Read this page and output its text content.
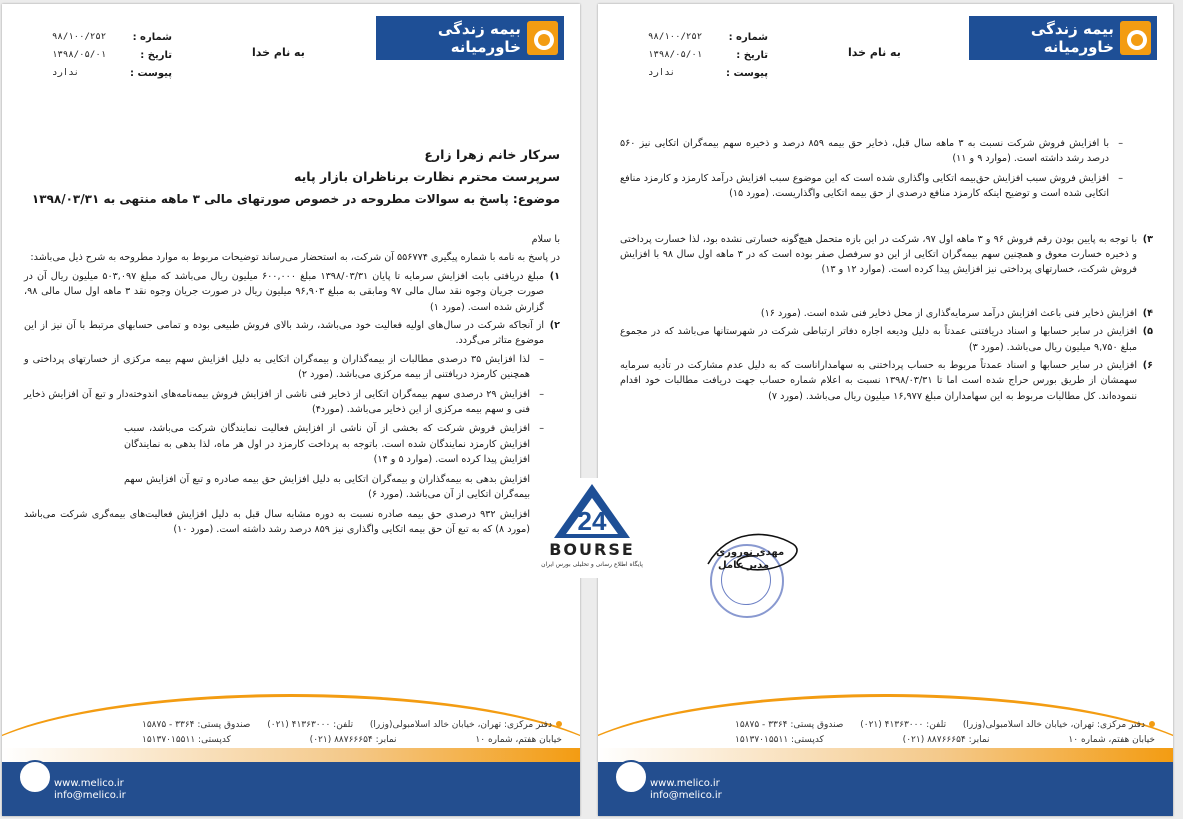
بیمه زندگی خاورمیانه
به نام خدا
شماره :
۹۸/۱۰۰/۲۵۲
تاریخ :
۱۳۹۸/۰۵/۰۱
پیوست :
ندارد

سرکار خانم زهرا زارع

سرپرست محترم نظارت برناظران بازار پایه

موضوع: پاسخ به سوالات مطروحه در خصوص صورتهای مالی ۳ ماهه منتهی به ۱۳۹۸/۰۳/۳۱

با سلام

در پاسخ به نامه با شماره پیگیری ۵۵۶۷۷۴ آن شرکت، به استحضار می‌رساند توضیحات مربوط به موارد مطروحه به شرح ذیل می‌باشد:

۱)
مبلغ دریافتی بابت افزایش سرمایه تا پایان ۱۳۹۸/۰۳/۳۱ مبلغ ۶۰۰,۰۰۰ میلیون ریال می‌باشد که مبلغ ۵۰۳,۰۹۷ میلیون ریال آن در صورت جریان وجوه نقد سال مالی ۹۷ ومابقی به مبلغ ۹۶,۹۰۳ میلیون ریال در صورت جریان وجوه نقد ۳ ماهه اول سال مالی ۹۸، گزارش شده است. (مورد ۱)
۲)
از آنجاکه شرکت در سال‌های اولیه فعالیت خود می‌باشد، رشد بالای فروش طبیعی بوده و تمامی حسابهای مرتبط با آن نیز از این موضوع متاثر می‌گردد.
–
لذا افزایش ۳۵ درصدی مطالبات از بیمه‌گذاران و بیمه‌گران اتکایی به دلیل افزایش سهم بیمه مرکزی از خسارتهای پرداختی و همچنین کارمزد دریافتنی از بیمه مرکزی می‌باشد. (مورد ۲)
–
افزایش ۲۹ درصدی سهم بیمه‌گران اتکایی از ذخایر فنی ناشی از افزایش فروش بیمه‌نامه‌های اندوخته‌دار و تبع آن افزایش ذخایر فنی و سهم بیمه مرکزی از این ذخایر می‌باشد. (مورد۴)
–
افزایش فروش شرکت که بخشی از آن ناشی از افزایش فعالیت نمایندگان شرکت می‌باشد، سبب افزایش کارمزد نمایندگان شده است. باتوجه به پرداخت کارمزد در اول هر ماه، لذا بدهی به نمایندگان افزایش پیدا کرده است. (موارد ۵ و ۱۴)
افزایش بدهی به بیمه‌گذاران و بیمه‌گران اتکایی به دلیل افزایش حق بیمه صادره و تبع آن افزایش سهم بیمه‌گران اتکایی از آن می‌باشد. (مورد ۶)
افزایش ۹۳۲ درصدی حق بیمه صادره نسبت به دوره مشابه سال قبل به دلیل افزایش فعالیت‌های بیمه‌گری شرکت می‌باشد (مورد ۸) که به تبع آن حق بیمه اتکایی واگذاری نیز ۸۵۹ درصد رشد داشته است. (مورد ۱۰)
دفتر مرکزی: تهران، خیابان خالد اسلامبولی(وزرا)
تلفن: ۴۱۳۶۳۰۰۰ (۰۲۱)
صندوق پستی: ۳۳۶۴ - ۱۵۸۷۵
خیابان هفتم، شماره ۱۰
نمابر: ۸۸۷۶۶۶۵۴ (۰۲۱)
کدپستی: ۱۵۱۳۷۰۱۵۵۱۱
www.melico.ir
info@melico.ir
بیمه زندگی خاورمیانه
به نام خدا
شماره :
۹۸/۱۰۰/۲۵۲
تاریخ :
۱۳۹۸/۰۵/۰۱
پیوست :
ندارد
–
با افزایش فروش شرکت نسبت به ۳ ماهه سال قبل، ذخایر حق بیمه ۸۵۹ درصد و ذخیره سهم بیمه‌گران اتکایی نیز ۵۶۰ درصد رشد داشته است. (موارد ۹ و ۱۱)
–
افزایش فروش سبب افزایش حق‌بیمه اتکایی واگذاری شده است که این موضوع سبب افزایش درآمد کارمزد و کارمزد منافع اتکایی شده است و توضیح اینکه کارمزد منافع درصدی از حق بیمه اتکایی واگذاریست. (مورد ۱۵)
۳)
با توجه به پایین بودن رقم فروش ۹۶ و ۳ ماهه اول ۹۷، شرکت در این بازه متحمل هیچ‌گونه خسارتی نشده بود، لذا خسارت پرداختی و ذخیره خسارت معوق و همچنین سهم بیمه‌گران اتکایی از این دو سرفصل صفر بوده است که در ۳ ماهه اول سال ۹۸ با افزایش فروش شرکت، خسارتهای پرداختی نیز افزایش پیدا کرده است. (موارد ۱۲ و ۱۳)
۴)
افزایش ذخایر فنی باعث افزایش درآمد سرمایه‌گذاری از محل ذخایر فنی شده است. (مورد ۱۶)
۵)
افزایش در سایر حسابها و اسناد دریافتنی عمدتاً به دلیل ودیعه اجاره دفاتر ارتباطی شرکت در شهرستانها می‌باشد که در مجموع مبلغ ۹,۷۵۰ میلیون ریال می‌باشد. (مورد ۳)
۶)
افزایش در سایر حسابها و اسناد عمدتاً مربوط به حساب پرداختنی به سهامداراناست که به دلیل عدم مشارکت در تأدیه سرمایه سهمشان از طریق بورس حراج شده است اما تا ۱۳۹۸/۰۳/۳۱ نسبت به اعلام شماره حساب جهت دریافت مطالبات خود اقدام ننموده‌اند. کل مطالبات مربوط به این سهامداران مبلغ ۱۶,۹۷۷ میلیون ریال می‌باشد. (مورد ۷)
مهدی نوروزی
مدیر عامل
دفتر مرکزی: تهران، خیابان خالد اسلامبولی(وزرا)
تلفن: ۴۱۳۶۳۰۰۰ (۰۲۱)
صندوق پستی: ۳۳۶۴ - ۱۵۸۷۵
خیابان هفتم، شماره ۱۰
نمابر: ۸۸۷۶۶۶۵۴ (۰۲۱)
کدپستی: ۱۵۱۳۷۰۱۵۵۱۱
www.melico.ir
info@melico.ir
24
BOURSE
پایگاه اطلاع رسانی و تحلیلی بورس ایران
